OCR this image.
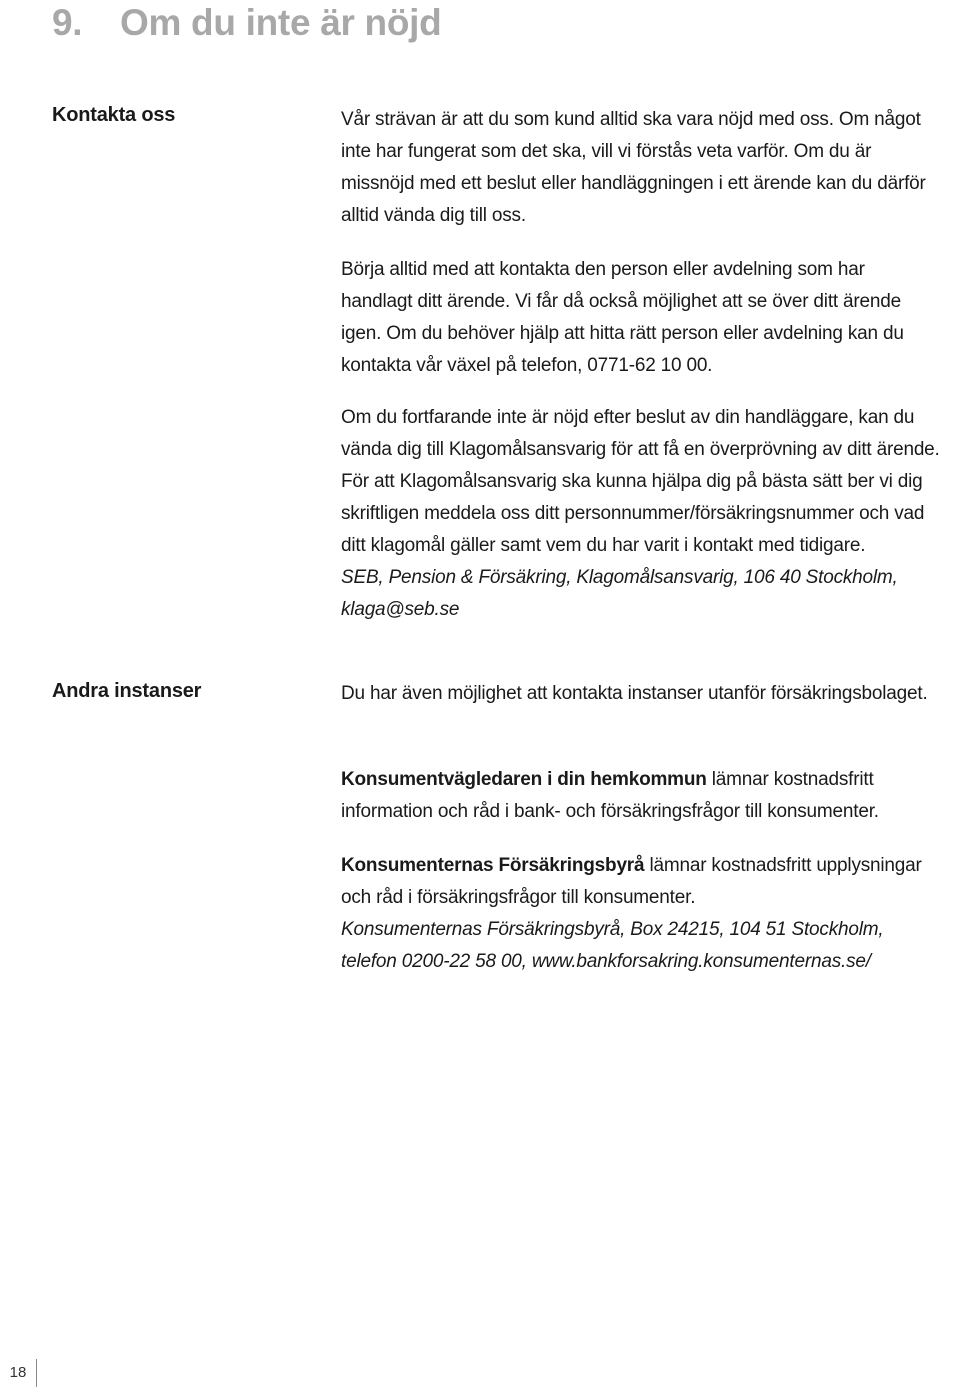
9. Om du inte är nöjd
Kontakta oss	Vår strävan är att du som kund alltid ska vara nöjd med oss. Om något inte har fungerat som det ska, vill vi förstås veta varför. Om du är missnöjd med ett beslut eller handläggningen i ett ärende kan du därför alltid vända dig till oss.

Börja alltid med att kontakta den person eller avdelning som har handlagt ditt ärende. Vi får då också möjlighet att se över ditt ärende igen. Om du behöver hjälp att hitta rätt person eller avdelning kan du kontakta vår växel på telefon, 0771-62 10 00.

Om du fortfarande inte är nöjd efter beslut av din handläggare, kan du vända dig till Klagomålsansvarig för att få en överprövning av ditt ärende. För att Klagomålsansvarig ska kunna hjälpa dig på bästa sätt ber vi dig skriftligen meddela oss ditt personnummer/försäkringsnummer och vad ditt klagomål gäller samt vem du har varit i kontakt med tidigare.
SEB, Pension & Försäkring, Klagomålsansvarig, 106 40 Stockholm, klaga@seb.se
Andra instanser	Du har även möjlighet att kontakta instanser utanför försäkringsbolaget.

Konsumentvägledaren i din hemkommun lämnar kostnadsfritt information och råd i bank- och försäkringsfrågor till konsumenter.

Konsumenternas Försäkringsbyrå lämnar kostnadsfritt upplysningar och råd i försäkringsfrågor till konsumenter.
Konsumenternas Försäkringsbyrå, Box 24215, 104 51 Stockholm, telefon 0200-22 58 00, www.bankforsakring.konsumenternas.se/
18
